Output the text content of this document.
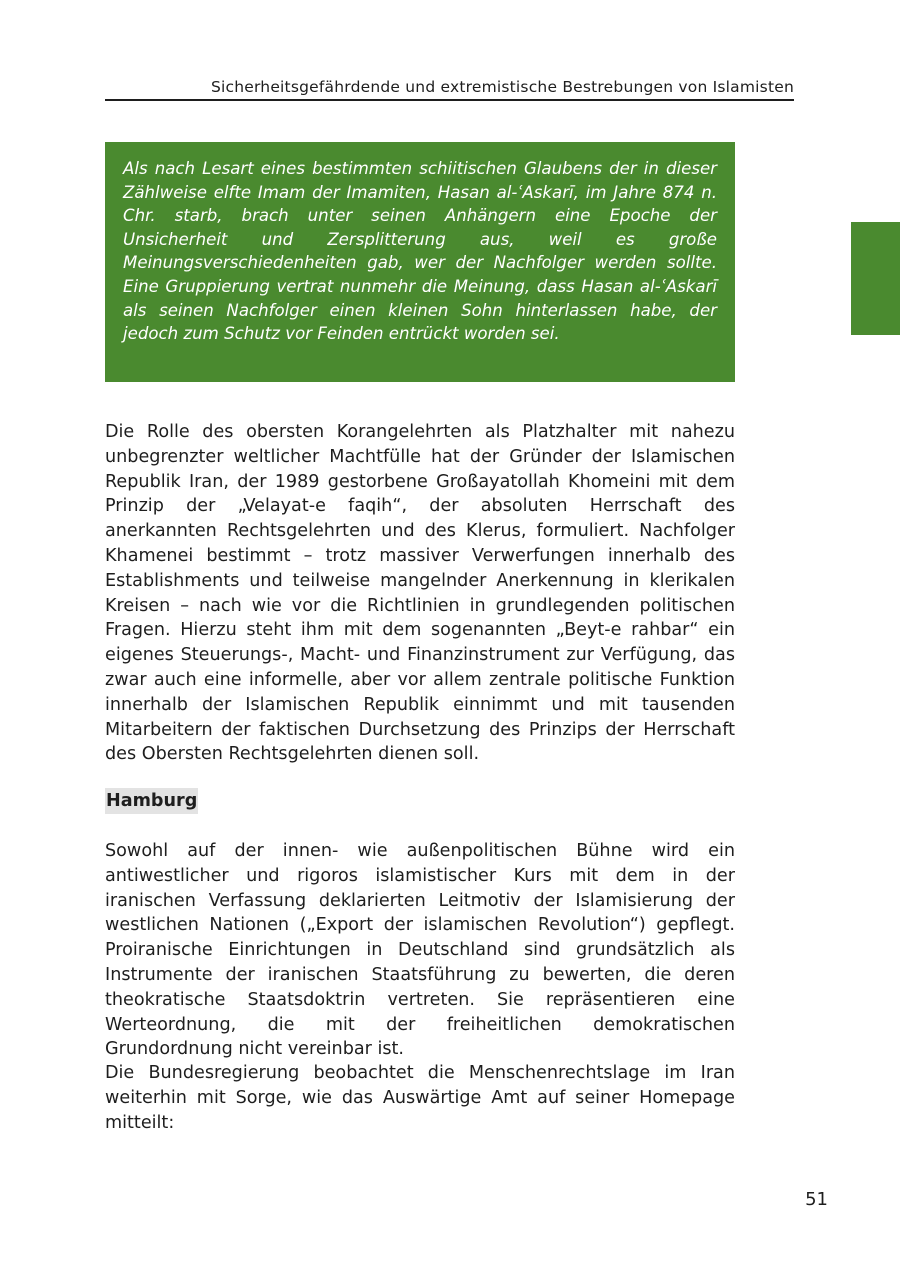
Sicherheitsgefährdende und extremistische Bestrebungen von Islamisten

Als nach Lesart eines bestimmten schiitischen Glaubens der in dieser Zählweise elfte Imam der Imamiten, Hasan al-ʿAskarī, im Jahre 874 n. Chr. starb, brach unter seinen Anhängern eine Epoche der Unsicherheit und Zersplitterung aus, weil es große Meinungsverschiedenheiten gab, wer der Nachfolger werden sollte. Eine Gruppierung vertrat nunmehr die Meinung, dass Hasan al-ʿAskarī als seinen Nachfolger einen kleinen Sohn hinterlassen habe, der jedoch zum Schutz vor Feinden entrückt worden sei.

Die Rolle des obersten Korangelehrten als Platzhalter mit nahezu unbegrenzter weltlicher Machtfülle hat der Gründer der Islamischen Republik Iran, der 1989 gestorbene Großayatollah Khomeini mit dem Prinzip der „Velayat-e faqih“, der absoluten Herrschaft des anerkannten Rechtsgelehrten und des Klerus, formuliert. Nachfolger Khamenei bestimmt – trotz massiver Verwerfungen innerhalb des Establishments und teilweise mangelnder Anerkennung in klerikalen Kreisen – nach wie vor die Richtlinien in grundlegenden politischen Fragen. Hierzu steht ihm mit dem sogenannten „Beyt-e rahbar“ ein eigenes Steuerungs-, Macht- und Finanzinstrument zur Verfügung, das zwar auch eine informelle, aber vor allem zentrale politische Funktion innerhalb der Islamischen Republik einnimmt und mit tausenden Mitarbeitern der faktischen Durchsetzung des Prinzips der Herrschaft des Obersten Rechtsgelehrten dienen soll.

Hamburg

Sowohl auf der innen- wie außenpolitischen Bühne wird ein antiwestlicher und rigoros islamistischer Kurs mit dem in der iranischen Verfassung deklarierten Leitmotiv der Islamisierung der westlichen Nationen („Export der islamischen Revolution“) gepflegt. Proiranische Einrichtungen in Deutschland sind grundsätzlich als Instrumente der iranischen Staatsführung zu bewerten, die deren theokratische Staatsdoktrin vertreten. Sie repräsentieren eine Werteordnung, die mit der freiheitlichen demokratischen Grundordnung nicht vereinbar ist.

Die Bundesregierung beobachtet die Menschenrechtslage im Iran weiterhin mit Sorge, wie das Auswärtige Amt auf seiner Homepage mitteilt:

51
